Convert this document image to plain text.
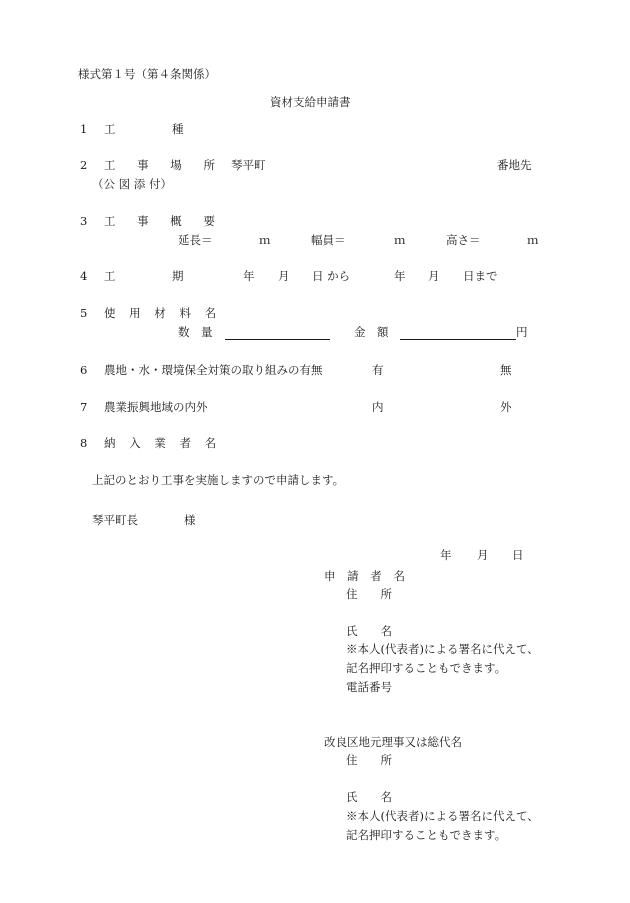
様式第１号（第４条関係）
資材支給申請書
1 工	種
2 工 事 場 所 琴平町	番地先
（公 図 添 付）
3 工 事 概 要
延長＝	ｍ	幅員＝	ｍ	高さ＝	ｍ
4 工	期	年 月 日 から	年 月 日まで
5 使 用 材 料 名
数　量	金　額	円
6 農地・水・環境保全対策の取り組みの有無	有	無
7 農業振興地域の内外	内	外
8 納 入 業 者 名
上記のとおり工事を実施しますので申請します。
琴平町長	様
年 月 日
申 請 者 名
住　　所
氏　　名
※本人(代表者)による署名に代えて、
記名押印することもできます。
電話番号
改良区地元理事又は総代名
住　　所
氏　　名
※本人(代表者)による署名に代えて、
記名押印することもできます。
